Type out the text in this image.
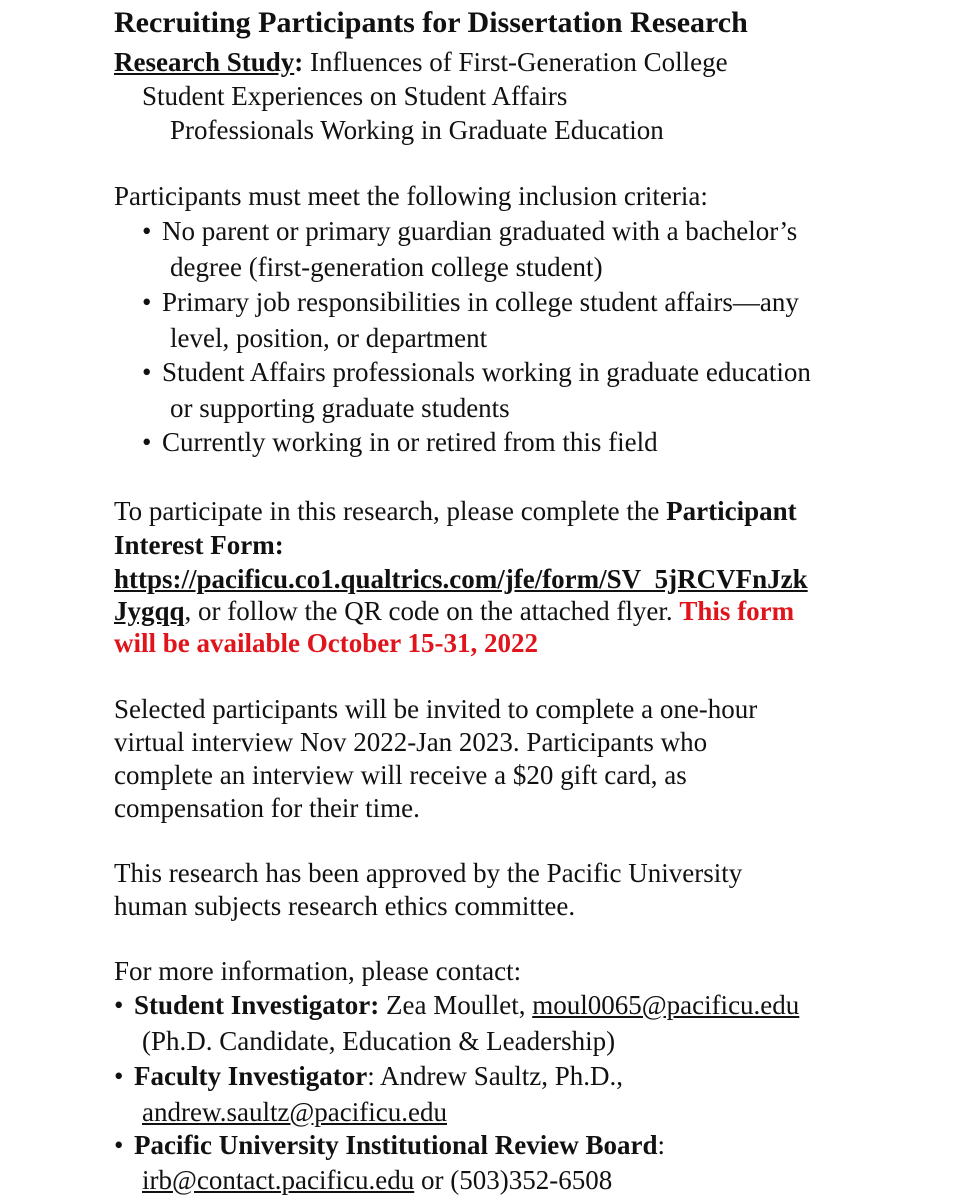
Recruiting Participants for Dissertation Research
Research Study: Influences of First-Generation College
Student Experiences on Student Affairs
Professionals Working in Graduate Education
Participants must meet the following inclusion criteria:
• No parent or primary guardian graduated with a bachelor’s
degree (first-generation college student)
• Primary job responsibilities in college student affairs—any
level, position, or department
• Student Affairs professionals working in graduate education
or supporting graduate students
• Currently working in or retired from this field
To participate in this research, please complete the Participant
Interest Form:
https://pacificu.co1.qualtrics.com/jfe/form/SV_5jRCVFnJzk
Jygqq, or follow the QR code on the attached flyer. This form
will be available October 15-31, 2022
Selected participants will be invited to complete a one-hour
virtual interview Nov 2022-Jan 2023. Participants who
complete an interview will receive a $20 gift card, as
compensation for their time.
This research has been approved by the Pacific University
human subjects research ethics committee.
For more information, please contact:
• Student Investigator: Zea Moullet, moul0065@pacificu.edu
(Ph.D. Candidate, Education & Leadership)
• Faculty Investigator: Andrew Saultz, Ph.D.,
andrew.saultz@pacificu.edu
• Pacific University Institutional Review Board:
irb@contact.pacificu.edu or (503)352-6508
